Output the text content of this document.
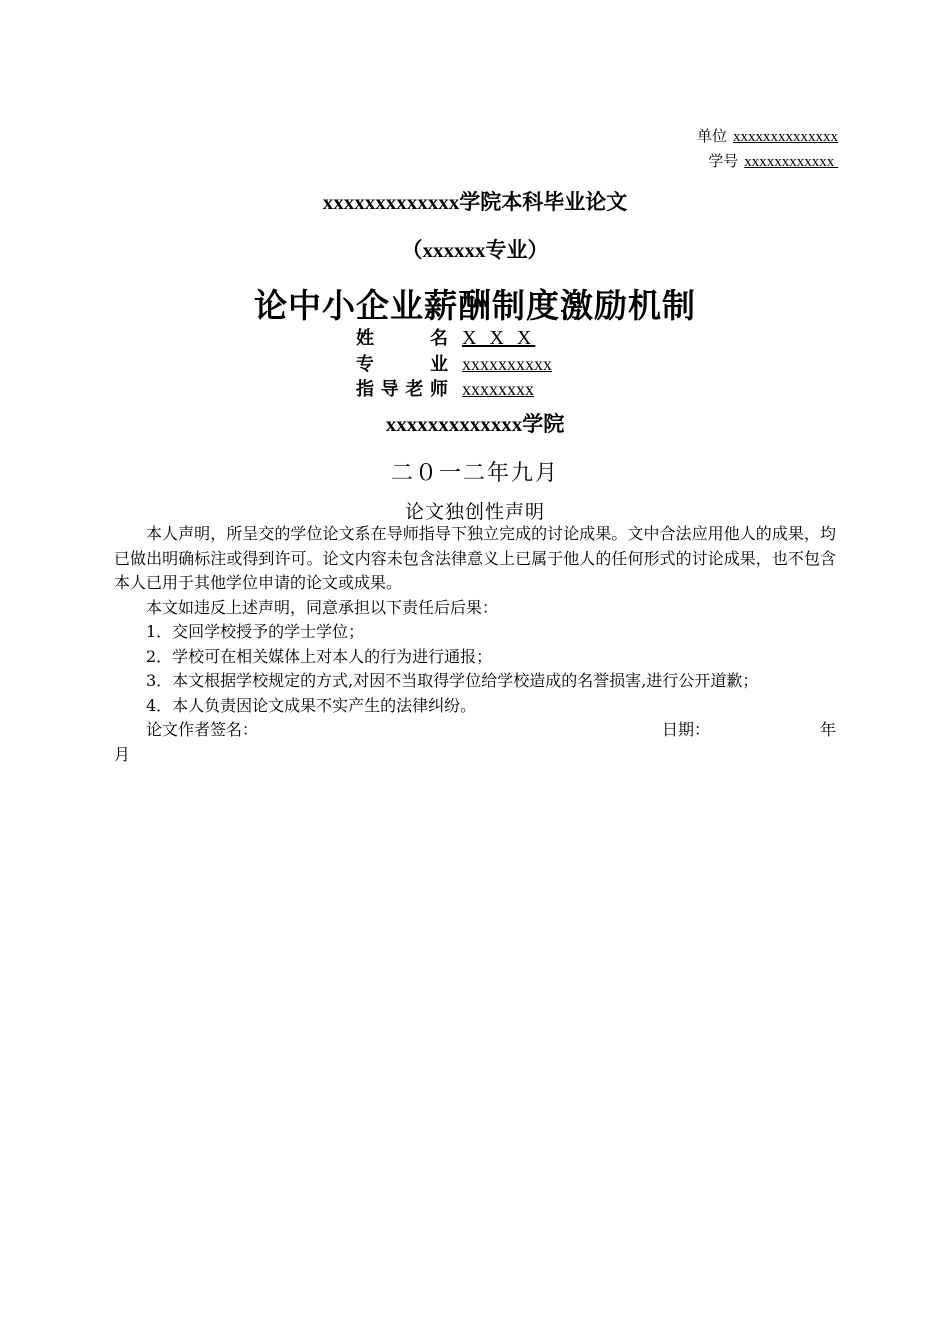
单位 xxxxxxxxxxxxxx
学号 xxxxxxxxxxxx
xxxxxxxxxxxxx学院本科毕业论文
（xxxxxx专业）
论中小企业薪酬制度激励机制
姓名 X X X
专业 xxxxxxxxxx
指导老师 xxxxxxxx
xxxxxxxxxxxxx学院
二０一二年九月
论文独创性声明

本人声明，所呈交的学位论文系在导师指导下独立完成的讨论成果。文中合法应用他人的成果，均已做出明确标注或得到许可。论文内容未包含法律意义上已属于他人的任何形式的讨论成果，也不包含本人已用于其他学位申请的论文或成果。

本文如违反上述声明，同意承担以下责任后后果：

1．交回学校授予的学士学位；

2．学校可在相关媒体上对本人的行为进行通报；

3．本文根据学校规定的方式,对因不当取得学位给学校造成的名誉损害,进行公开道歉；

4．本人负责因论文成果不实产生的法律纠纷。

论文作者签名：	日期：	年

月
